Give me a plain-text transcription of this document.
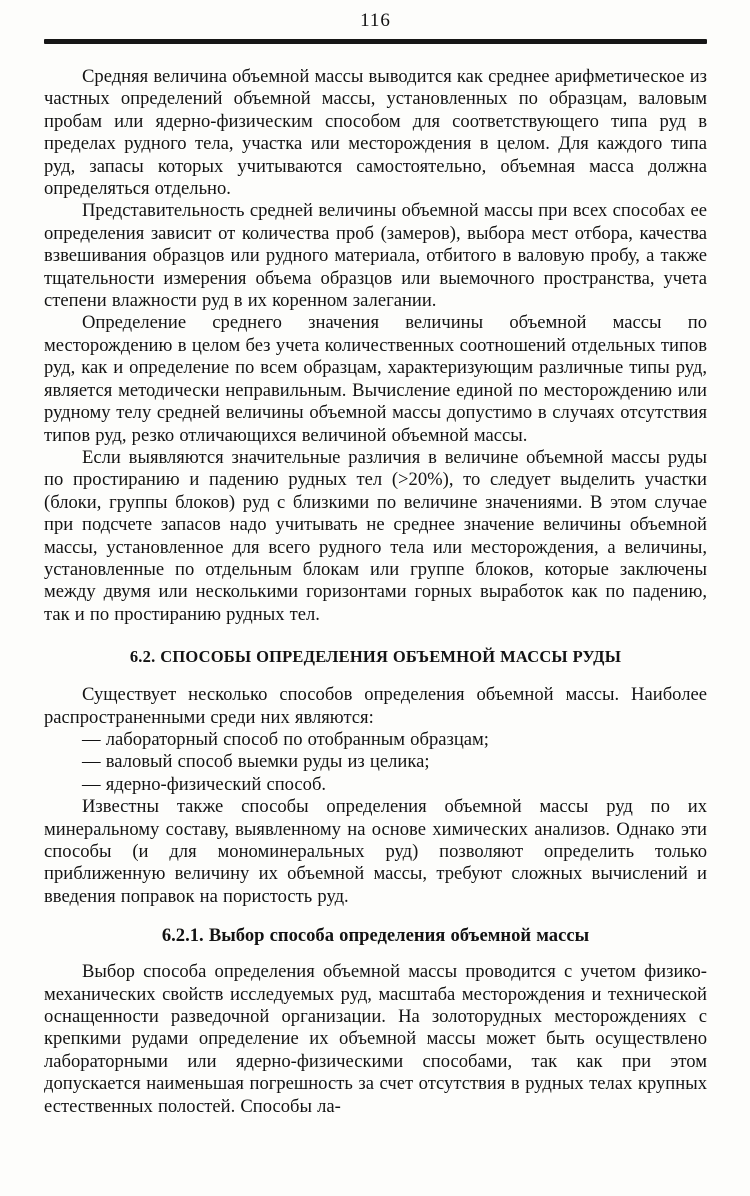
116

Средняя величина объемной массы выводится как среднее арифметическое из частных определений объемной массы, установленных по образцам, валовым пробам или ядерно-физическим способом для соответствующего типа руд в пределах рудного тела, участка или месторождения в целом. Для каждого типа руд, запасы которых учитываются самостоятельно, объемная масса должна определяться отдельно.

Представительность средней величины объемной массы при всех способах ее определения зависит от количества проб (замеров), выбора мест отбора, качества взвешивания образцов или рудного материала, отбитого в валовую пробу, а также тщательности измерения объема образцов или выемочного пространства, учета степени влажности руд в их коренном залегании.

Определение среднего значения величины объемной массы по месторождению в целом без учета количественных соотношений отдельных типов руд, как и определение по всем образцам, характеризующим различные типы руд, является методически неправильным. Вычисление единой по месторождению или рудному телу средней величины объемной массы допустимо в случаях отсутствия типов руд, резко отличающихся величиной объемной массы.

Если выявляются значительные различия в величине объемной массы руды по простиранию и падению рудных тел (>20%), то следует выделить участки (блоки, группы блоков) руд с близкими по величине значениями. В этом случае при подсчете запасов надо учитывать не среднее значение величины объемной массы, установленное для всего рудного тела или месторождения, а величины, установленные по отдельным блокам или группе блоков, которые заключены между двумя или несколькими горизонтами горных выработок как по падению, так и по простиранию рудных тел.

6.2. СПОСОБЫ ОПРЕДЕЛЕНИЯ ОБЪЕМНОЙ МАССЫ РУДЫ

Существует несколько способов определения объемной массы. Наиболее распространенными среди них являются:

— лабораторный способ по отобранным образцам;

— валовый способ выемки руды из целика;

— ядерно-физический способ.

Известны также способы определения объемной массы руд по их минеральному составу, выявленному на основе химических анализов. Однако эти способы (и для мономинеральных руд) позволяют определить только приближенную величину их объемной массы, требуют сложных вычислений и введения поправок на пористость руд.

6.2.1. Выбор способа определения объемной массы

Выбор способа определения объемной массы проводится с учетом физико-механических свойств исследуемых руд, масштаба месторождения и технической оснащенности разведочной организации. На золоторудных месторождениях с крепкими рудами определение их объемной массы может быть осуществлено лабораторными или ядерно-физическими способами, так как при этом допускается наименьшая погрешность за счет отсутствия в рудных телах крупных естественных полостей. Способы ла-
